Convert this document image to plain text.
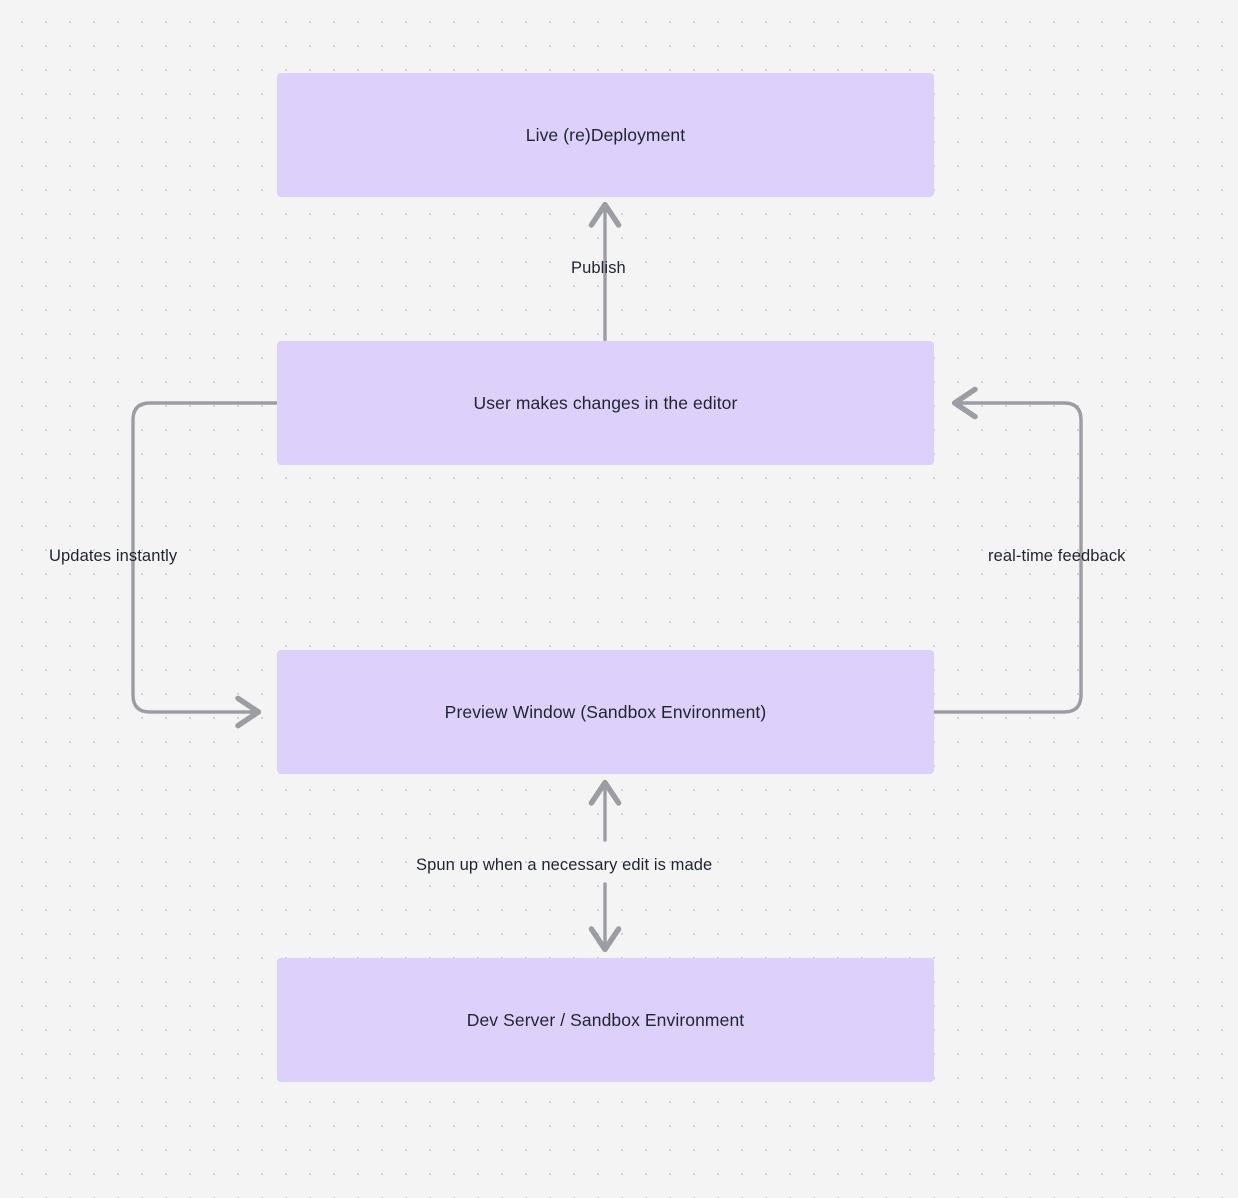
Live (re)Deployment
User makes changes in the editor
Preview Window (Sandbox Environment)
Dev Server / Sandbox Environment
Publish
Updates instantly	real-time feedback
Spun up when a necessary edit is made
